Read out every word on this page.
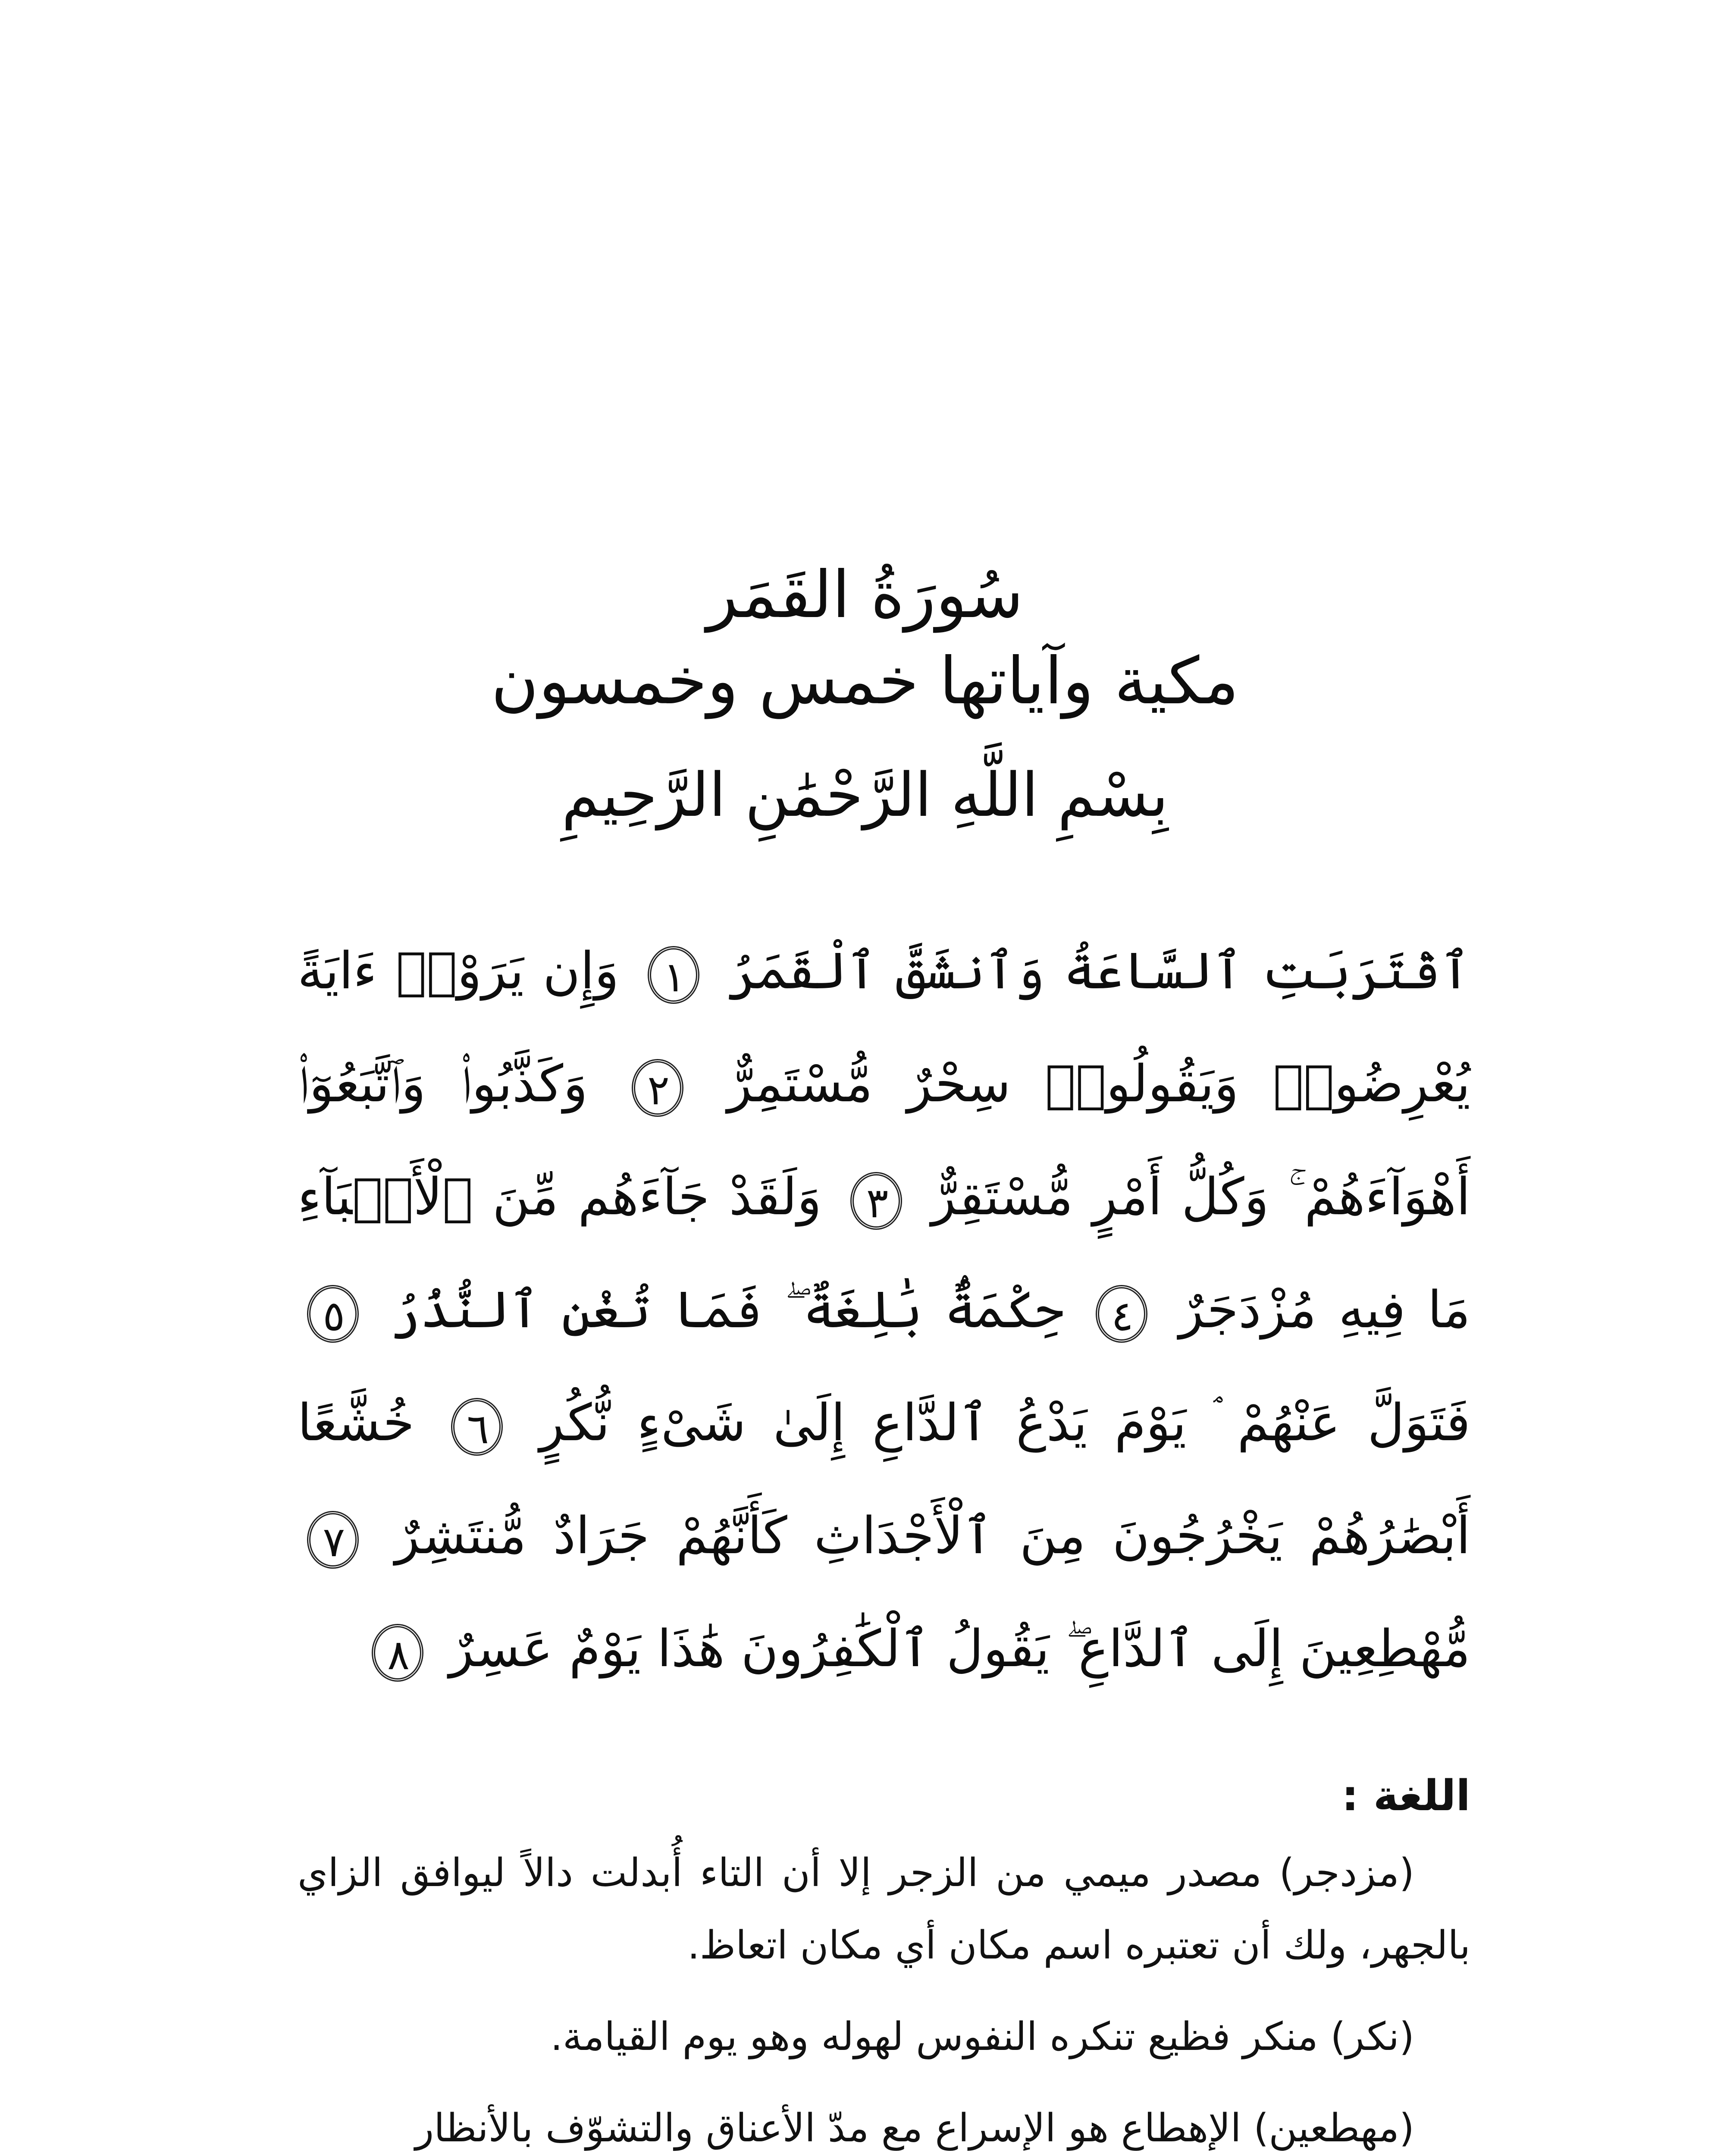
سُورَةُ القَمَر
مكية وآياتها خمس وخمسون
بِسْمِ اللَّهِ الرَّحْمَٰنِ الرَّحِيمِ
ٱقْتَرَبَتِ ٱلسَّاعَةُ وَٱنشَقَّ ٱلْقَمَرُ ١ وَإِن يَرَوْا۟ ءَايَةً يُعْرِضُوا۟ وَيَقُولُوا۟ سِحْرٌ مُّسْتَمِرٌّ ٢ وَكَذَّبُوا۟ وَٱتَّبَعُوٓا۟ أَهْوَآءَهُمْ ۚ وَكُلُّ أَمْرٍ مُّسْتَقِرٌّ ٣ وَلَقَدْ جَآءَهُم مِّنَ ٱلْأَنۢبَآءِ مَا فِيهِ مُزْدَجَرٌ ٤ حِكْمَةٌۢ بَٰلِغَةٌ ۖ فَمَا تُغْنِ ٱلنُّذُرُ ٥ فَتَوَلَّ عَنْهُمْ ۘ يَوْمَ يَدْعُ ٱلدَّاعِ إِلَىٰ شَىْءٍ نُّكُرٍ ٦ خُشَّعًا أَبْصَٰرُهُمْ يَخْرُجُونَ مِنَ ٱلْأَجْدَاثِ كَأَنَّهُمْ جَرَادٌ مُّنتَشِرٌ ٧ مُّهْطِعِينَ إِلَى ٱلدَّاعِ ۖ يَقُولُ ٱلْكَٰفِرُونَ هَٰذَا يَوْمٌ عَسِرٌ ٨
اللغة :

(مزدجر) مصدر ميمي من الزجر إلا أن التاء أُبدلت دالاً ليوافق الزاي بالجهر، ولك أن تعتبره اسم مكان أي مكان اتعاظ.

(نكر) منكر فظيع تنكره النفوس لهوله وهو يوم القيامة.

(مهطعين) الإهطاع هو الإسراع مع مدّ الأعناق والتشوّف بالأنظار
